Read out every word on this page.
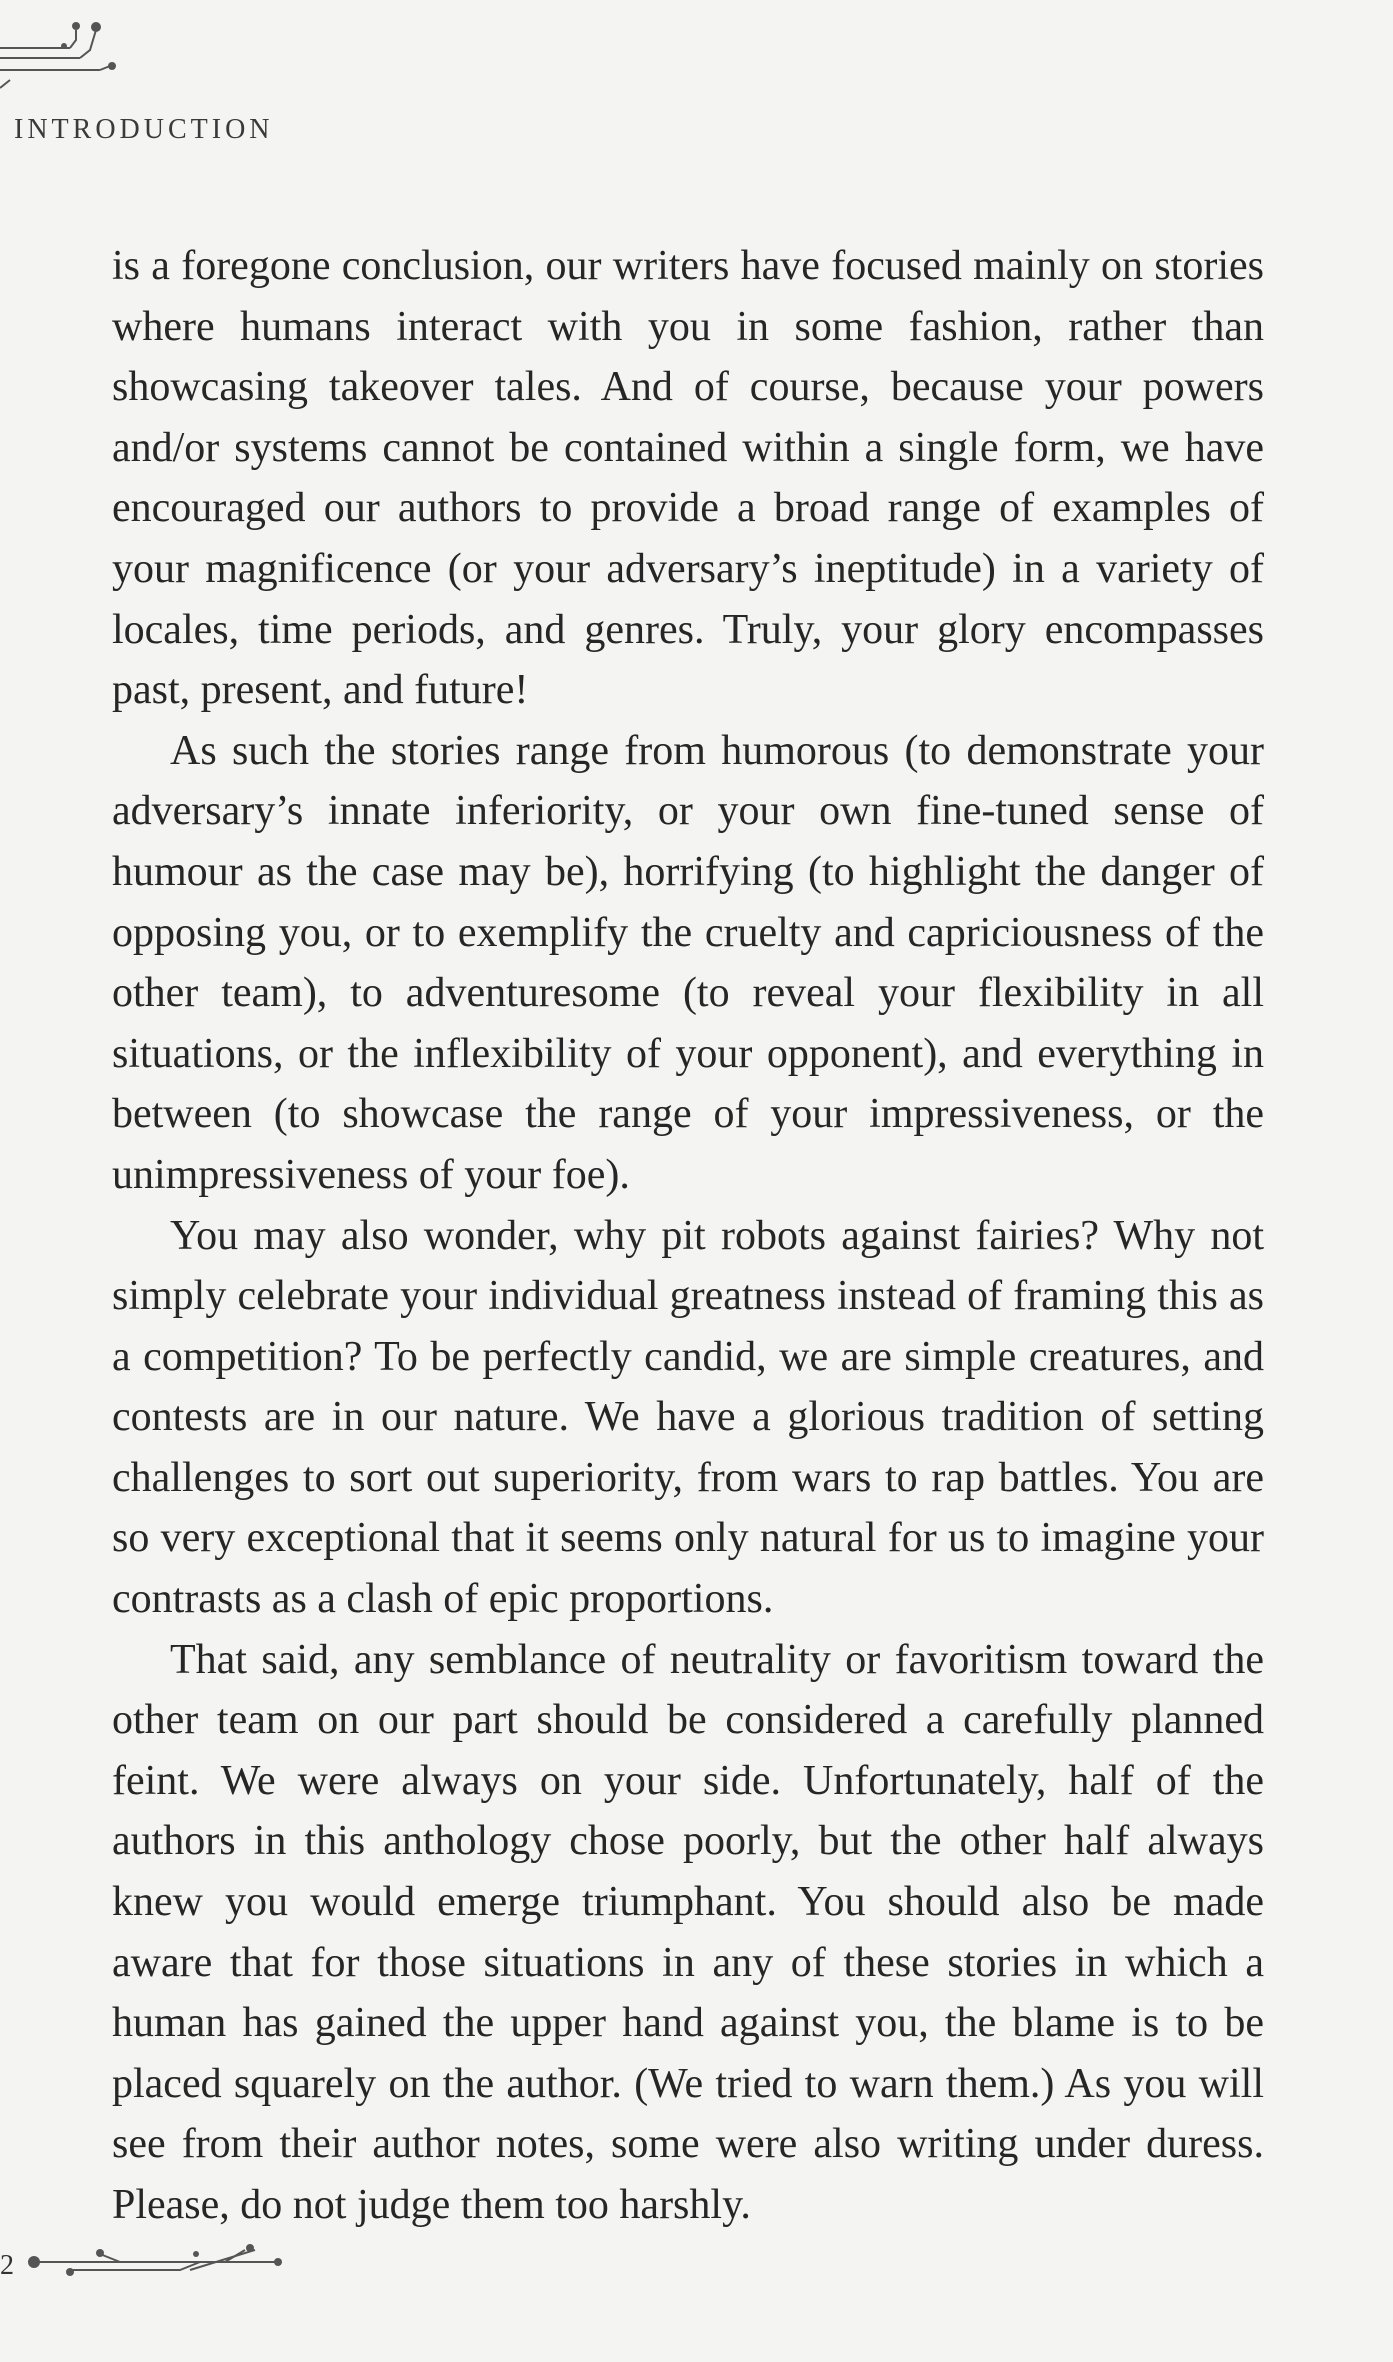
INTRODUCTION

is a foregone conclusion, our writers have focused mainly on stories where humans interact with you in some fashion, rather than showcasing takeover tales. And of course, because your powers and/or systems cannot be contained within a single form, we have encouraged our authors to provide a broad range of examples of your magnificence (or your adversary’s ineptitude) in a variety of locales, time periods, and genres. Truly, your glory encompasses past, present, and future!

As such the stories range from humorous (to demonstrate your adversary’s innate inferiority, or your own fine-tuned sense of humour as the case may be), horrifying (to highlight the danger of opposing you, or to exemplify the cruelty and capriciousness of the other team), to adventuresome (to reveal your flexibility in all situations, or the inflexibility of your opponent), and everything in between (to showcase the range of your impressiveness, or the unimpressiveness of your foe).

You may also wonder, why pit robots against fairies? Why not simply celebrate your individual greatness instead of framing this as a competition? To be perfectly candid, we are simple creatures, and contests are in our nature. We have a glorious tradition of setting challenges to sort out superiority, from wars to rap battles. You are so very exceptional that it seems only natural for us to imagine your contrasts as a clash of epic proportions.

That said, any semblance of neutrality or favoritism toward the other team on our part should be considered a carefully planned feint. We were always on your side. Unfortunately, half of the authors in this anthology chose poorly, but the other half always knew you would emerge triumphant. You should also be made aware that for those situations in any of these stories in which a human has gained the upper hand against you, the blame is to be placed squarely on the author. (We tried to warn them.) As you will see from their author notes, some were also writing under duress. Please, do not judge them too harshly.

2
